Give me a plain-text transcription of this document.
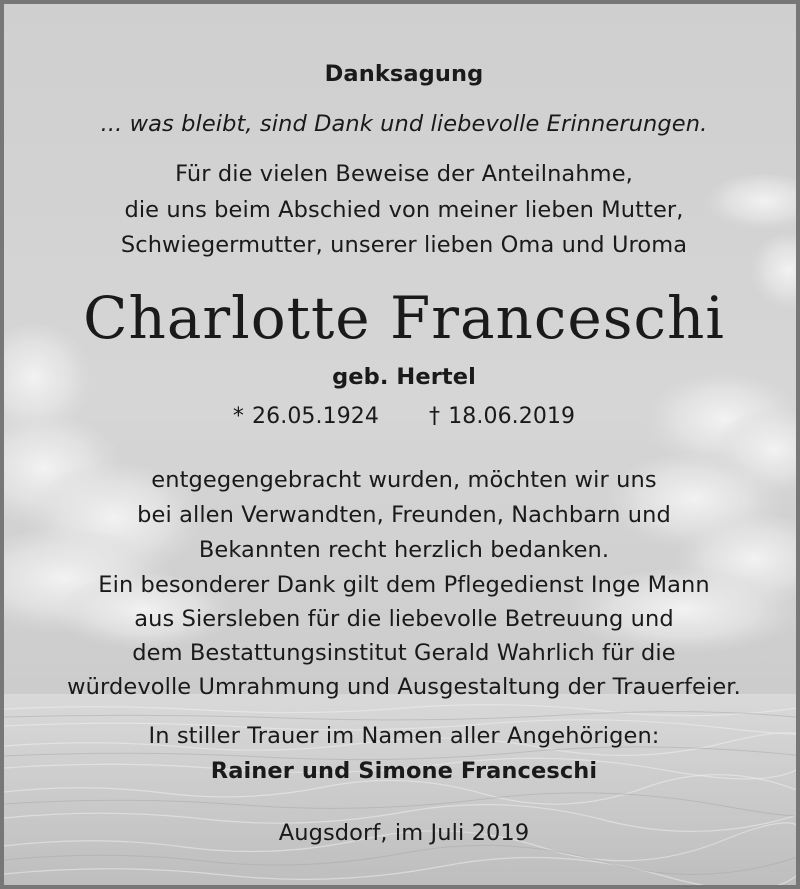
Danksagung
... was bleibt, sind Dank und liebevolle Erinnerungen.
Für die vielen Beweise der Anteilnahme,
die uns beim Abschied von meiner lieben Mutter,
Schwiegermutter, unserer lieben Oma und Uroma
Charlotte Franceschi
geb. Hertel
* 26.05.1924 † 18.06.2019
entgegengebracht wurden, möchten wir uns
bei allen Verwandten, Freunden, Nachbarn und
Bekannten recht herzlich bedanken.
Ein besonderer Dank gilt dem Pflegedienst Inge Mann
aus Siersleben für die liebevolle Betreuung und
dem Bestattungsinstitut Gerald Wahrlich für die
würdevolle Umrahmung und Ausgestaltung der Trauerfeier.
In stiller Trauer im Namen aller Angehörigen:
Rainer und Simone Franceschi
Augsdorf, im Juli 2019
